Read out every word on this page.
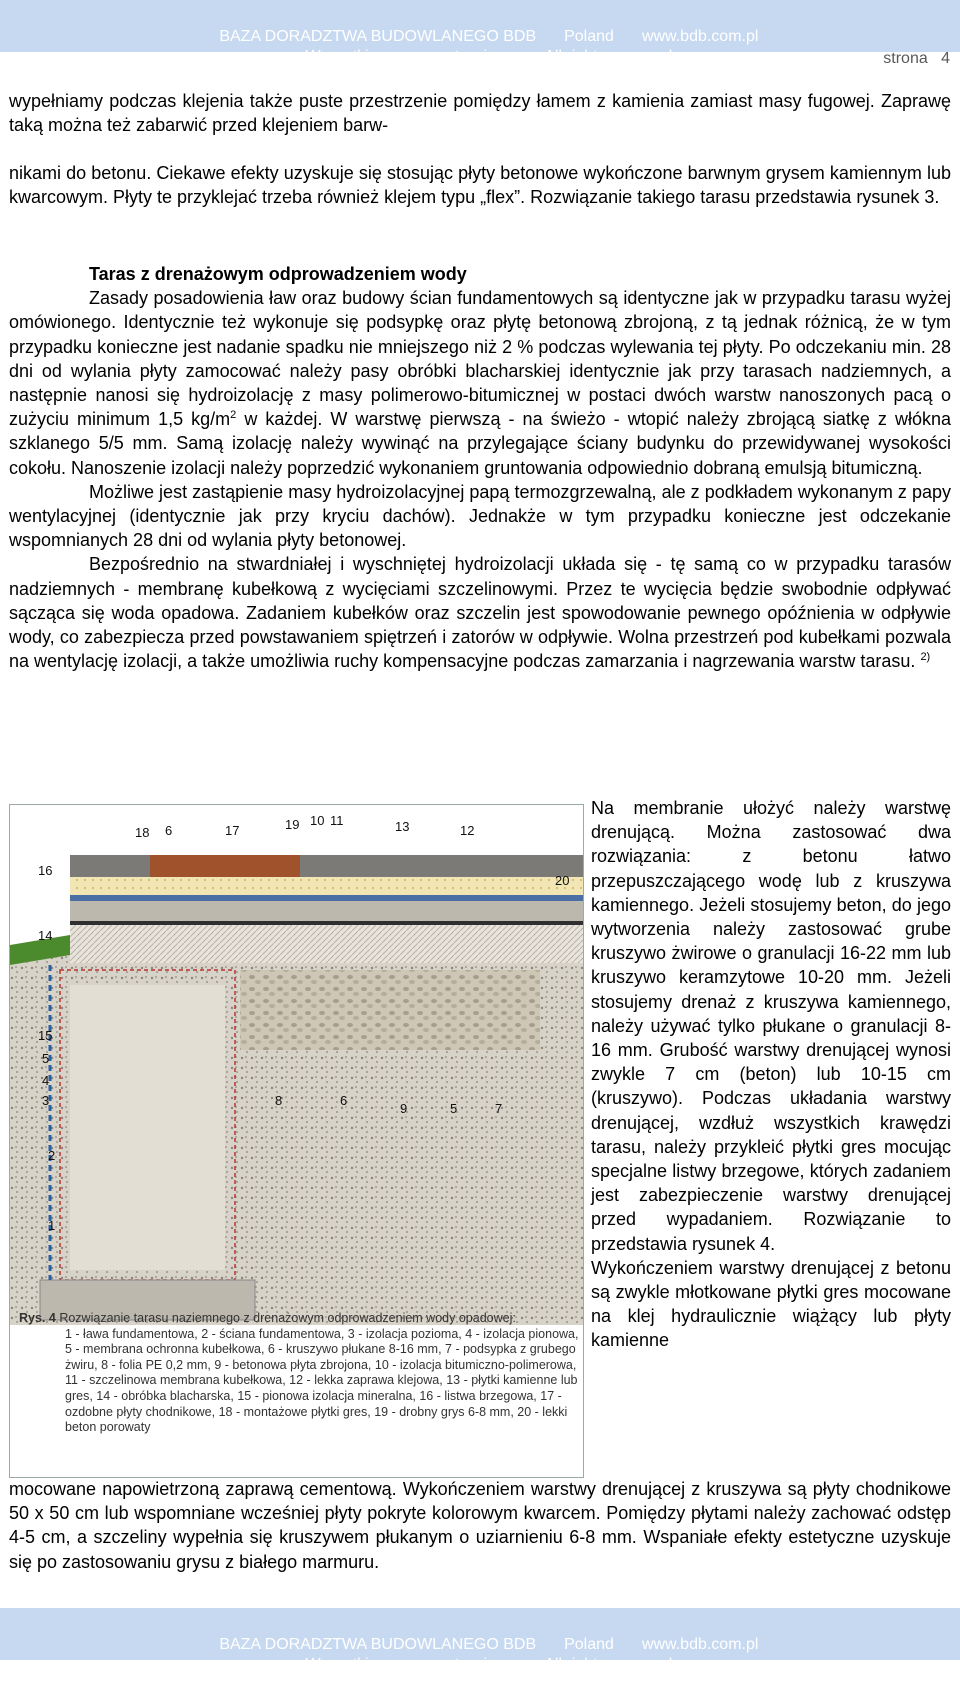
BAZA DORADZTWA BUDOWLANEGO BDB Poland www.bdb.com.pl

Wszystkie prawa zastrzeżone All rights reserved
	strona 4

wypełniamy podczas klejenia także puste przestrzenie pomiędzy łamem z kamienia zamiast masy fugowej. Zaprawę taką można też zabarwić przed klejeniem barw-

nikami do betonu. Ciekawe efekty uzyskuje się stosując płyty betonowe wykończone barwnym grysem kamiennym lub kwarcowym. Płyty te przyklejać trzeba również klejem typu „flex”. Rozwiązanie takiego tarasu przedstawia rysunek 3.

Taras z drenażowym odprowadzeniem wody

Zasady posadowienia ław oraz budowy ścian fundamentowych są identyczne jak w przypadku tarasu wyżej omówionego. Identycznie też wykonuje się podsypkę oraz płytę betonową zbrojoną, z tą jednak różnicą, że w tym przypadku konieczne jest nadanie spadku nie mniejszego niż 2 % podczas wylewania tej płyty. Po odczekaniu min. 28 dni od wylania płyty zamocować należy pasy obróbki blacharskiej identycznie jak przy tarasach nadziemnych, a następnie nanosi się hydroizolację z masy polimerowo-bitumicznej w postaci dwóch warstw nanoszonych pacą o zużyciu minimum 1,5 $kg/m^2$ w każdej. W warstwę pierwszą - na świeżo - wtopić należy zbrojącą siatkę z włókna szklanego 5/5 mm. Samą izolację należy wywinąć na przylegające ściany budynku do przewidywanej wysokości cokołu. Nanoszenie izolacji należy poprzedzić wykonaniem gruntowania odpowiednio dobraną emulsją bitumiczną.

Możliwe jest zastąpienie masy hydroizolacyjnej papą termozgrzewalną, ale z podkładem wykonanym z papy wentylacyjnej (identycznie jak przy kryciu dachów). Jednakże w tym przypadku konieczne jest odczekanie wspomnianych 28 dni od wylania płyty betonowej.

Bezpośrednio na stwardniałej i wyschniętej hydroizolacji układa się - tę samą co w przypadku tarasów nadziemnych - membranę kubełkową z wycięciami szczelinowymi. Przez te wycięcia będzie swobodnie odpływać sącząca się woda opadowa. Zadaniem kubełków oraz szczelin jest spowodowanie pewnego opóźnienia w odpływie wody, co zabezpiecza przed powstawaniem spiętrzeń i zatorów w odpływie. Wolna przestrzeń pod kubełkami pozwala na wentylację izolacji, a także umożliwia ruchy kompensacyjne podczas zamarzania i nagrzewania warstw tarasu. $^{2)}$

18 6	17	19 10 11	13	12
16
20
14
15
5
4
3	8	6
9	5	7
2
1
Rys. 4 Rozwiązanie tarasu naziemnego z drenażowym odprowadzeniem wody opadowej:
1 - ława fundamentowa, 2 - ściana fundamentowa, 3 - izolacja pozioma, 4 - izolacja pionowa, 5 - membrana ochronna kubełkowa, 6 - kruszywo płukane 8-16 mm, 7 - podsypka z grubego żwiru, 8 - folia PE 0,2 mm, 9 - betonowa płyta zbrojona, 10 - izolacja bitumiczno-polimerowa, 11 - szczelinowa membrana kubełkowa, 12 - lekka zaprawa klejowa, 13 - płytki kamienne lub gres, 14 - obróbka blacharska, 15 - pionowa izolacja mineralna, 16 - listwa brzegowa, 17 - ozdobne płyty chodnikowe, 18 - montażowe płytki gres, 19 - drobny grys 6-8 mm, 20 - lekki beton porowaty

Na membranie ułożyć należy warstwę drenującą. Można zastosować dwa rozwiązania: z betonu łatwo przepuszczającego wodę lub z kruszywa kamiennego. Jeżeli stosujemy beton, do jego wytworzenia należy zastosować grube kruszywo żwirowe o granulacji 16-22 mm lub kruszywo keramzytowe 10-20 mm. Jeżeli stosujemy drenaż z kruszywa kamiennego, należy używać tylko płukane o granulacji 8-16 mm. Grubość warstwy drenującej wynosi zwykle 7 cm (beton) lub 10-15 cm (kruszywo). Podczas układania warstwy drenującej, wzdłuż wszystkich krawędzi tarasu, należy przykleić płytki gres mocując specjalne listwy brzegowe, których zadaniem jest zabezpieczenie warstwy drenującej przed wypadaniem. Rozwiązanie to przedstawia rysunek 4.

Wykończeniem warstwy drenującej z betonu są zwykle młotkowane płytki gres mocowane na klej hydraulicznie wiążący lub płyty kamienne

mocowane napowietrzoną zaprawą cementową. Wykończeniem warstwy drenującej z kruszywa są płyty chodnikowe 50 x 50 cm lub wspomniane wcześniej płyty pokryte kolorowym kwarcem. Pomiędzy płytami należy zachować odstęp 4-5 cm, a szczeliny wypełnia się kruszywem płukanym o uziarnieniu 6-8 mm. Wspaniałe efekty estetyczne uzyskuje się po zastosowaniu grysu z białego marmuru.

BAZA DORADZTWA BUDOWLANEGO BDB Poland www.bdb.com.pl

Wszystkie prawa zastrzeżone All rights reserved
